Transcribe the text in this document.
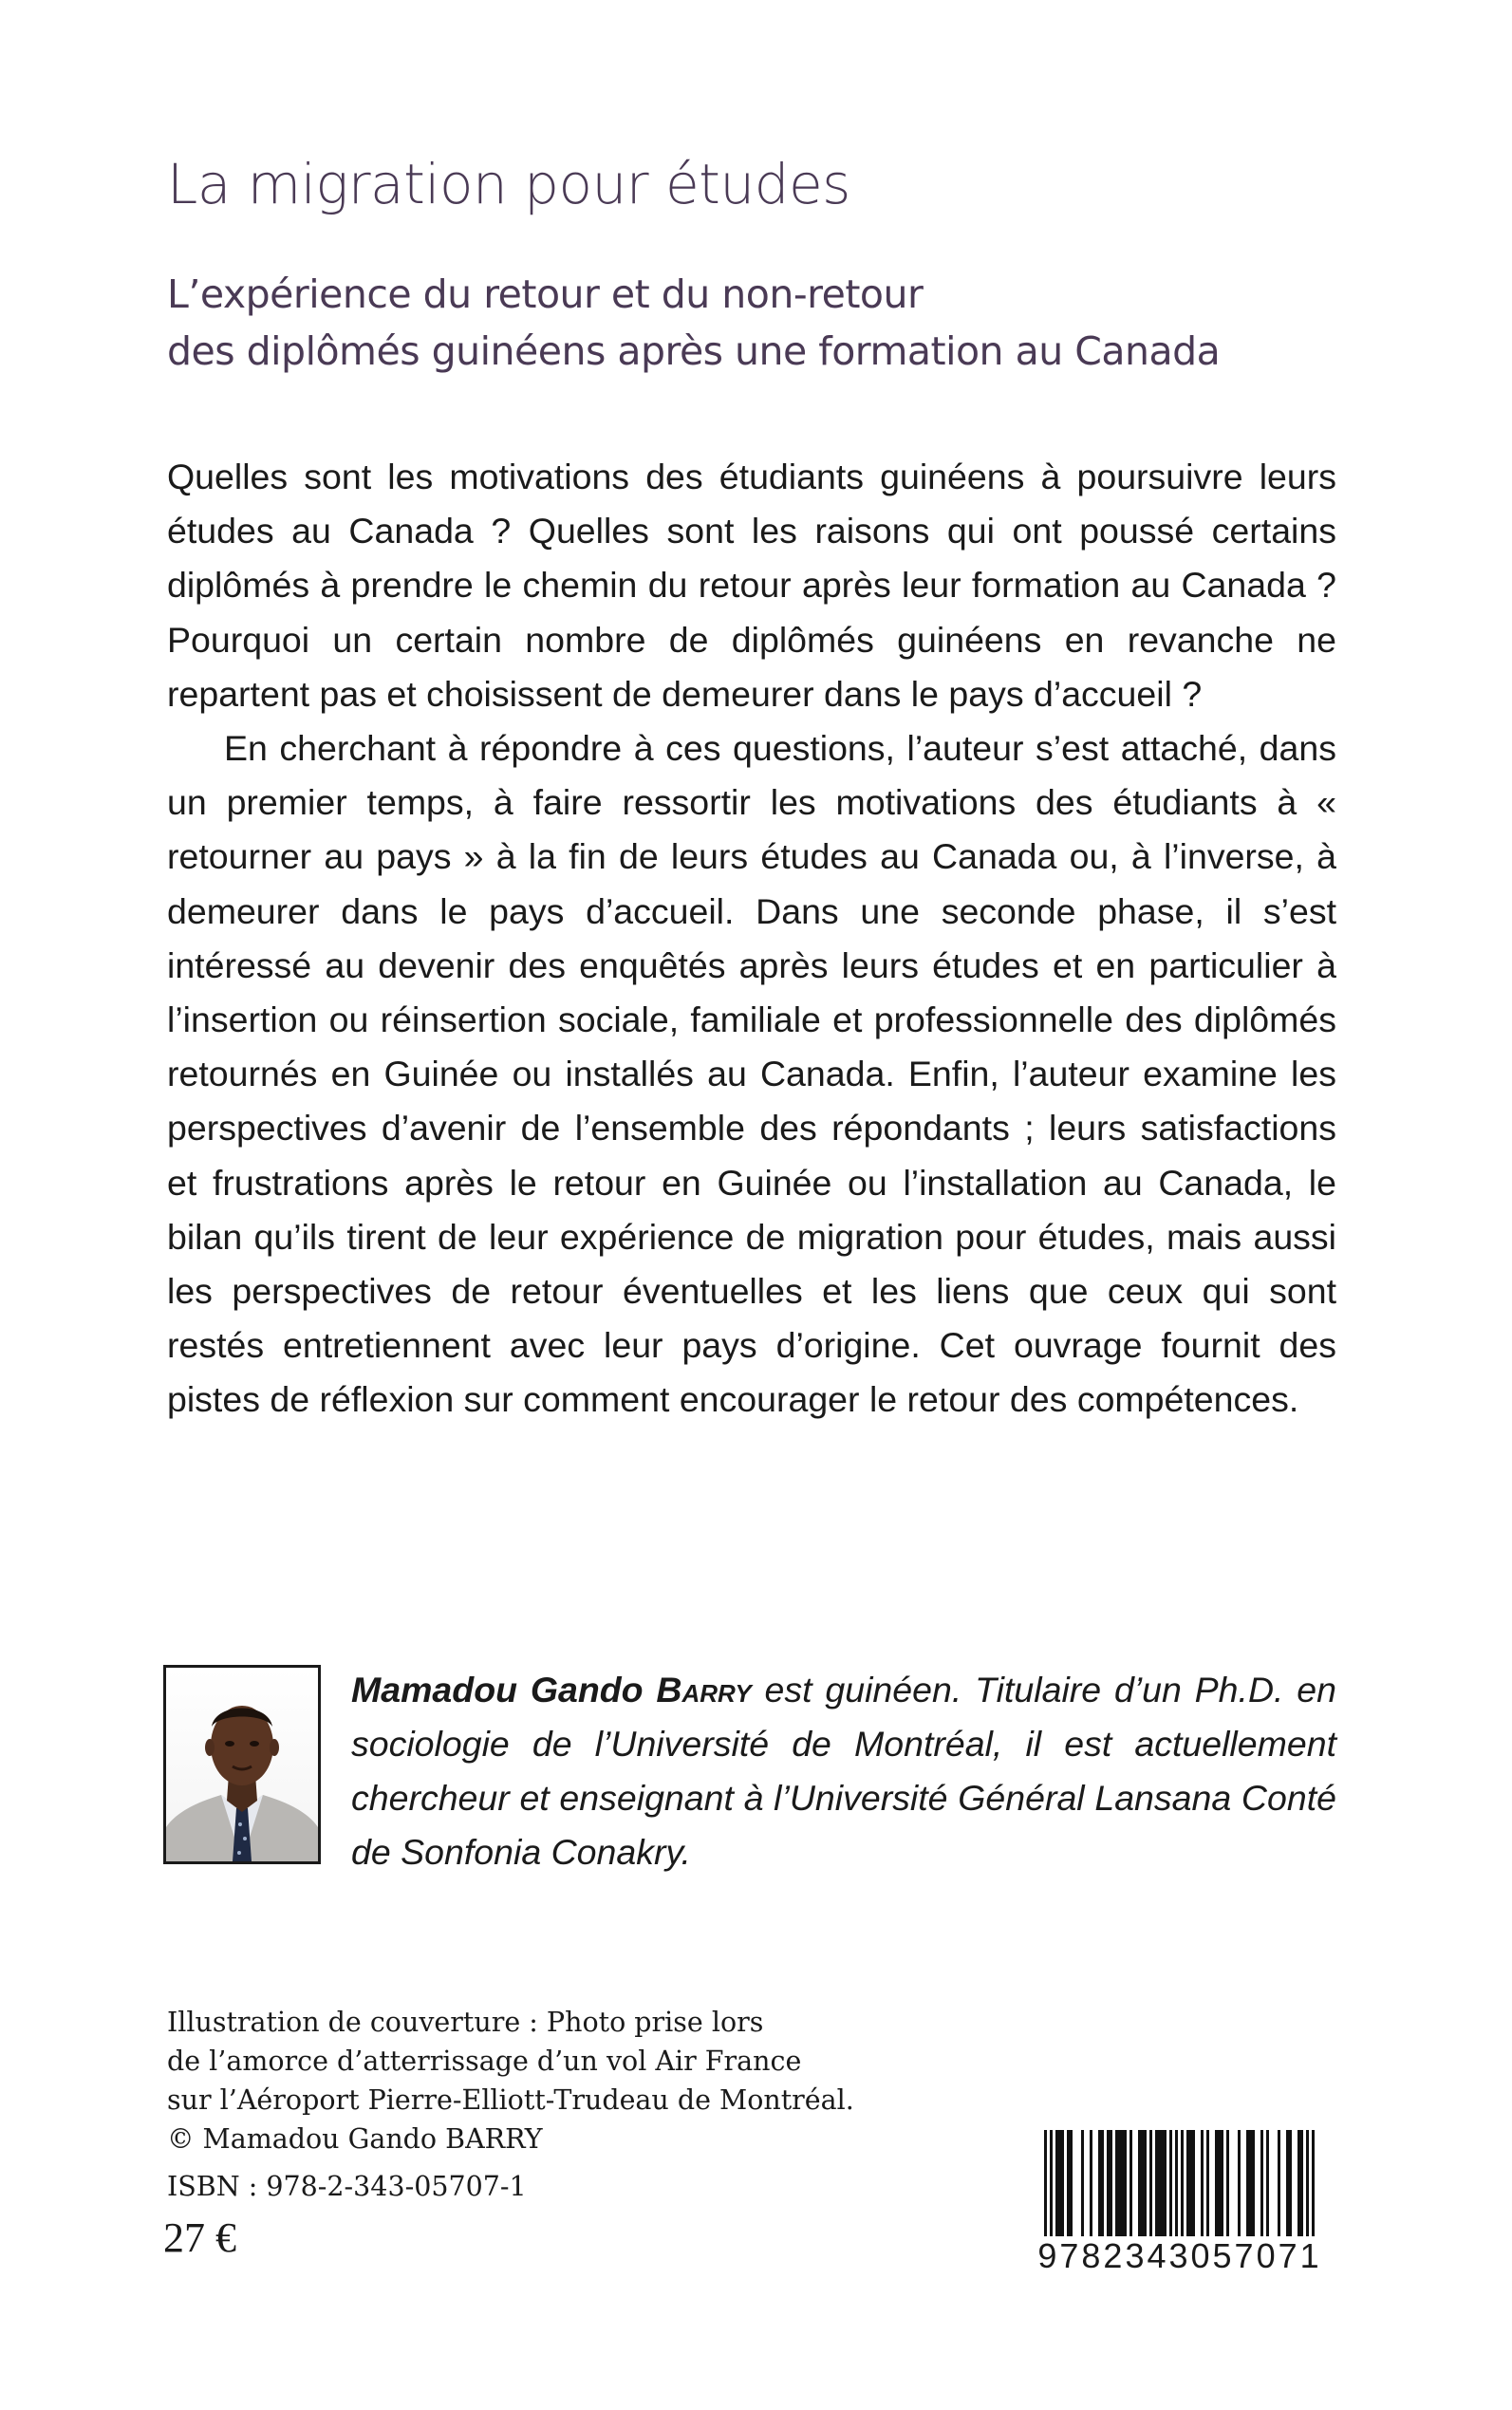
La migration pour études
L’expérience du retour et du non-retour
des diplômés guinéens après une formation au Canada

Quelles sont les motivations des étudiants guinéens à poursuivre leurs études au Canada ? Quelles sont les raisons qui ont poussé certains diplômés à prendre le chemin du retour après leur formation au Canada ? Pourquoi un certain nombre de diplômés guinéens en revanche ne repartent pas et choisissent de demeurer dans le pays d’accueil ?

En cherchant à répondre à ces questions, l’auteur s’est attaché, dans un premier temps, à faire ressortir les motivations des étudiants à « retourner au pays » à la fin de leurs études au Canada ou, à l’inverse, à demeurer dans le pays d’accueil. Dans une seconde phase, il s’est intéressé au devenir des enquêtés après leurs études et en particulier à l’insertion ou réinsertion sociale, familiale et professionnelle des diplômés retournés en Guinée ou installés au Canada. Enfin, l’auteur examine les perspectives d’avenir de l’ensemble des répondants ; leurs satisfactions et frustrations après le retour en Guinée ou l’installation au Canada, le bilan qu’ils tirent de leur expérience de migration pour études, mais aussi les perspectives de retour éventuelles et les liens que ceux qui sont restés entretiennent avec leur pays d’origine. Cet ouvrage fournit des pistes de réflexion sur comment encourager le retour des compétences.

Mamadou Gando Barry est guinéen. Titulaire d’un Ph.D. en sociologie de l’Université de Montréal, il est actuellement chercheur et enseignant à l’Université Général Lansana Conté de Sonfonia Conakry.

Illustration de couverture : Photo prise lors
de l’amorce d’atterrissage d’un vol Air France
sur l’Aéroport Pierre-Elliott-Trudeau de Montréal.
© Mamadou Gando BARRY
ISBN : 978-2-343-05707-1
27 €	9782343057071
